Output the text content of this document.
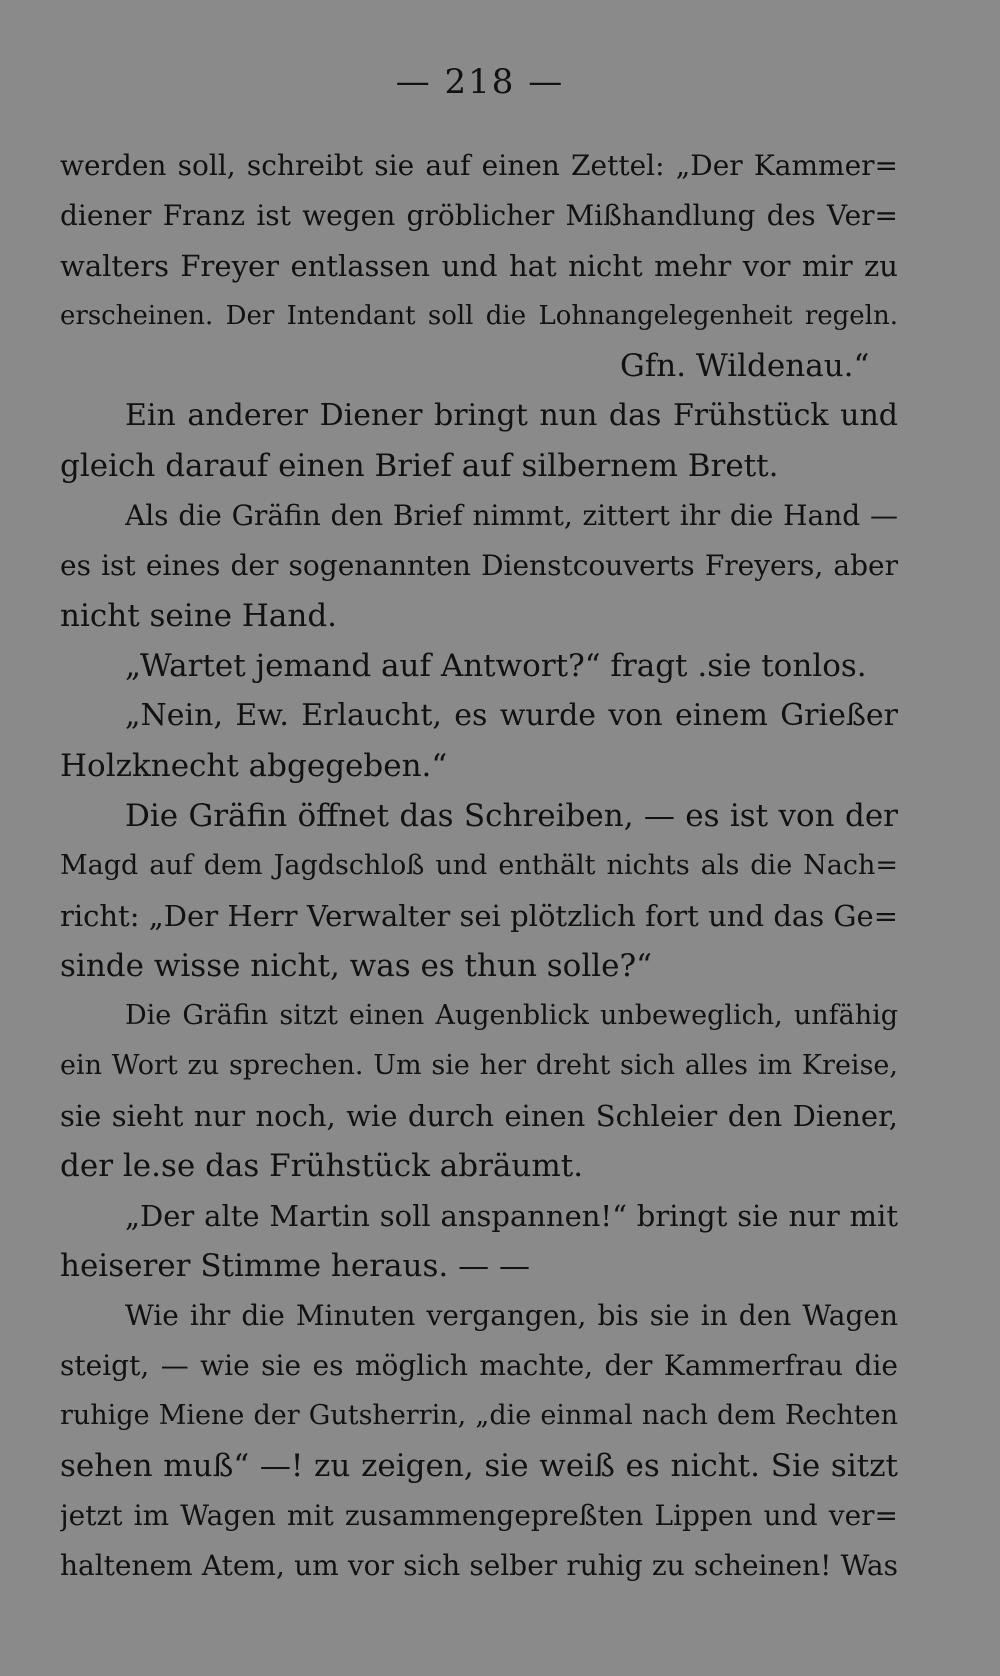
— 218 —
werden soll, schreibt sie auf einen Zettel: „Der Kammer=
diener Franz ist wegen gröblicher Mißhandlung des Ver=
walters Freyer entlassen und hat nicht mehr vor mir zu
erscheinen. Der Intendant soll die Lohnangelegenheit regeln.
Gfn. Wildenau.“
Ein anderer Diener bringt nun das Frühstück und
gleich darauf einen Brief auf silbernem Brett.
Als die Gräfin den Brief nimmt, zittert ihr die Hand —
es ist eines der sogenannten Dienstcouverts Freyers, aber
nicht seine Hand.
„Wartet jemand auf Antwort?“ fragt .sie tonlos.
„Nein, Ew. Erlaucht, es wurde von einem Grießer
Holzknecht abgegeben.“
Die Gräfin öffnet das Schreiben, — es ist von der
Magd auf dem Jagdschloß und enthält nichts als die Nach=
richt: „Der Herr Verwalter sei plötzlich fort und das Ge=
sinde wisse nicht, was es thun solle?“
Die Gräfin sitzt einen Augenblick unbeweglich, unfähig
ein Wort zu sprechen. Um sie her dreht sich alles im Kreise,
sie sieht nur noch, wie durch einen Schleier den Diener,
der le.se das Frühstück abräumt.
„Der alte Martin soll anspannen!“ bringt sie nur mit
heiserer Stimme heraus. — —
Wie ihr die Minuten vergangen, bis sie in den Wagen
steigt, — wie sie es möglich machte, der Kammerfrau die
ruhige Miene der Gutsherrin, „die einmal nach dem Rechten
sehen muß“ —! zu zeigen, sie weiß es nicht. Sie sitzt
jetzt im Wagen mit zusammengepreßten Lippen und ver=
haltenem Atem, um vor sich selber ruhig zu scheinen! Was
